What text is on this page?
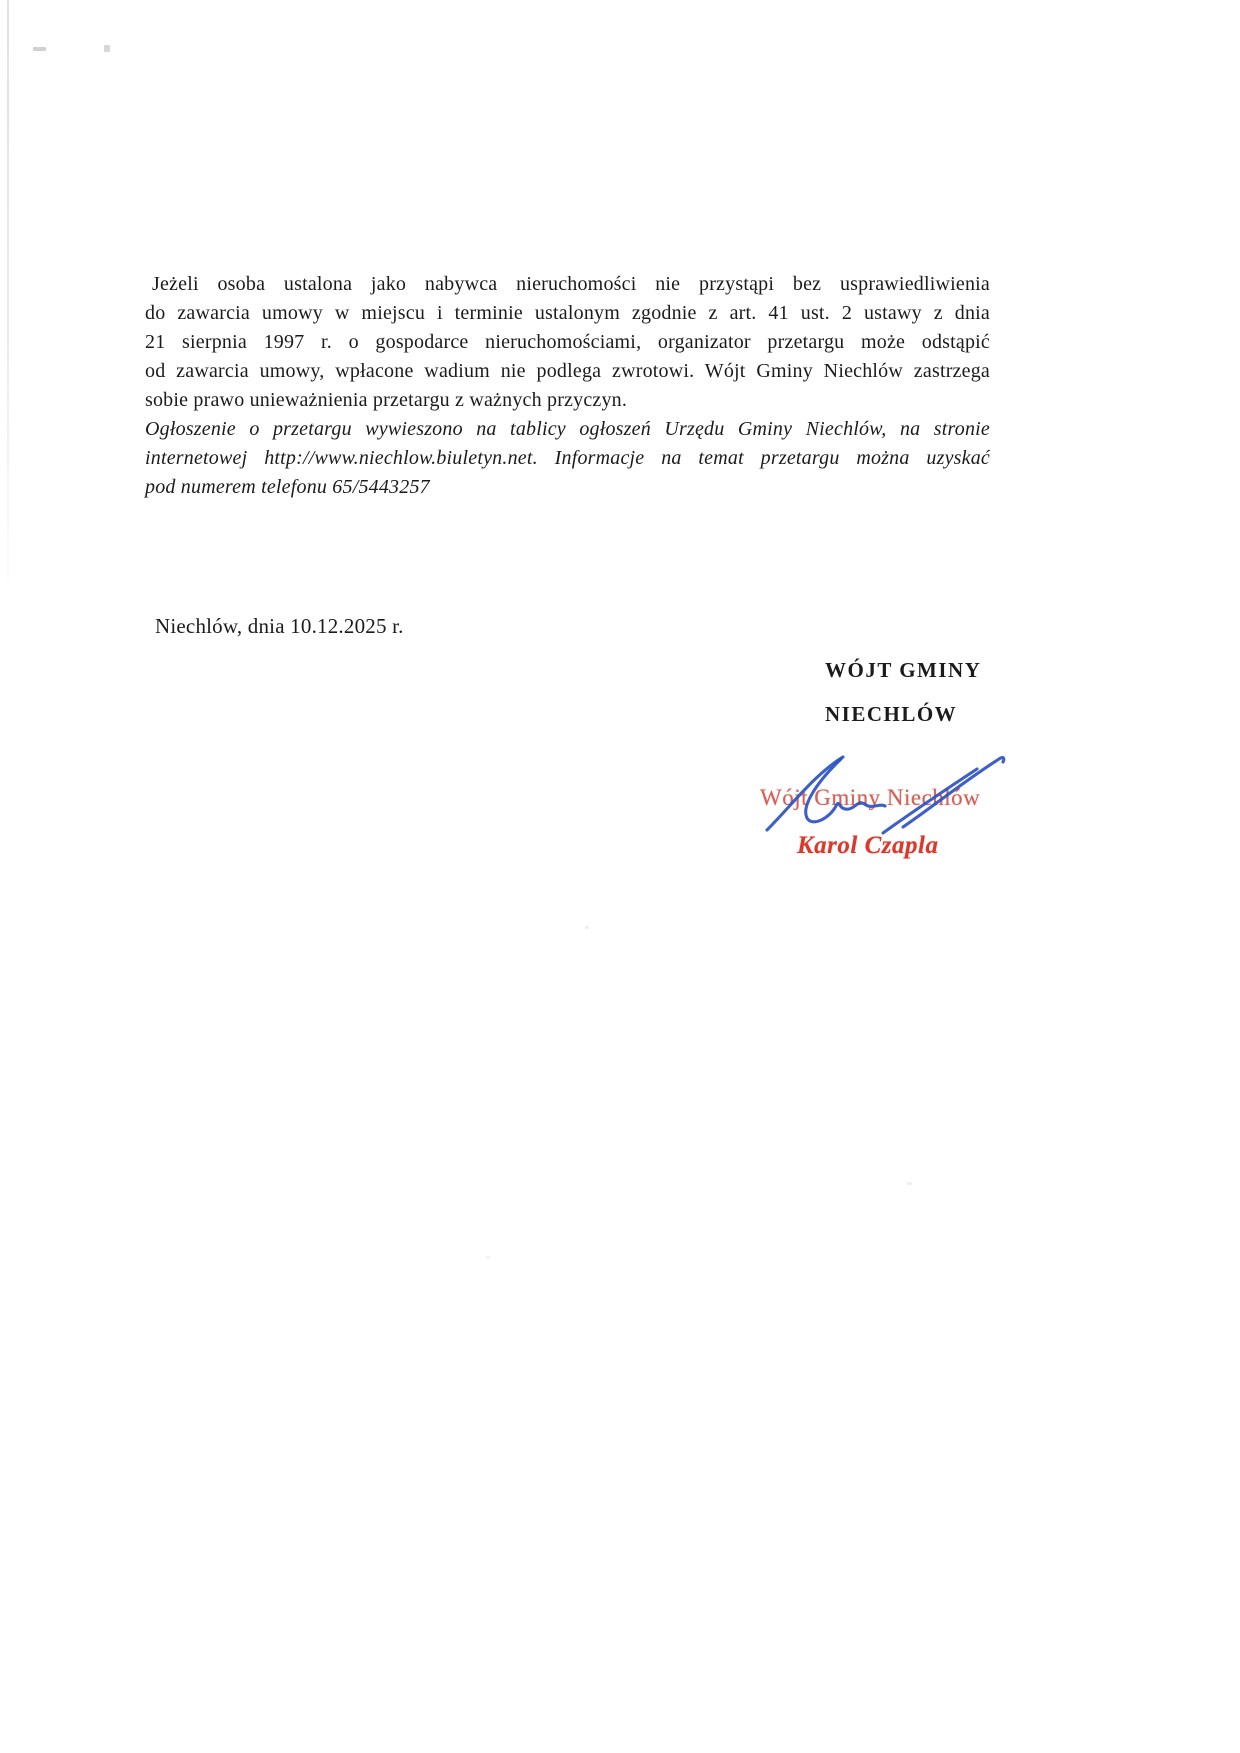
Jeżeli osoba ustalona jako nabywca nieruchomości nie przystąpi bez usprawiedliwienia
do zawarcia umowy w miejscu i terminie ustalonym zgodnie z art. 41 ust. 2 ustawy z dnia
21 sierpnia 1997 r. o gospodarce nieruchomościami, organizator przetargu może odstąpić
od zawarcia umowy, wpłacone wadium nie podlega zwrotowi. Wójt Gminy Niechlów zastrzega
sobie prawo unieważnienia przetargu z ważnych przyczyn.
Ogłoszenie o przetargu wywieszono na tablicy ogłoszeń Urzędu Gminy Niechlów, na stronie
internetowej http://www.niechlow.biuletyn.net. Informacje na temat przetargu można uzyskać
pod numerem telefonu 65/5443257
Niechlów, dnia 10.12.2025 r.
WÓJT GMINY
NIECHLÓW
Wójt Gminy Niechlów
Karol Czapla
